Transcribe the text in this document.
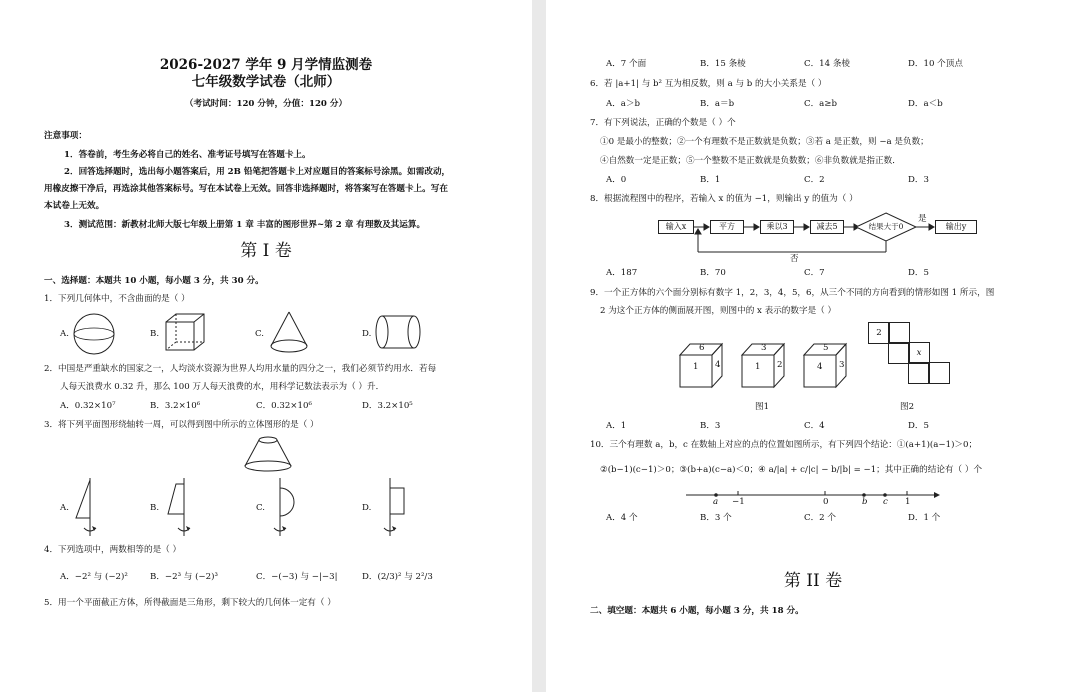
2026-2027 学年 9 月学情监测卷
七年级数学试卷（北师）
（考试时间：120 分钟，分值：120 分）
注意事项：
1．答卷前，考生务必将自己的姓名、准考证号填写在答题卡上。
2．回答选择题时，选出每小题答案后，用 2B 铅笔把答题卡上对应题目的答案标号涂黑。如需改动，
用橡皮擦干净后，再选涂其他答案标号。写在本试卷上无效。回答非选择题时，将答案写在答题卡上。写在
本试卷上无效。
3．测试范围：新教材北师大版七年级上册第 1 章 丰富的图形世界~第 2 章 有理数及其运算。
第 I 卷
一、选择题：本题共 10 小题，每小题 3 分，共 30 分。
1．下列几何体中，不含曲面的是（ ）
A.	B.	C.	D.
2．中国是严重缺水的国家之一，人均淡水资源为世界人均用水量的四分之一，我们必须节约用水．若每
人每天浪费水 0.32 升，那么 100 万人每天浪费的水，用科学记数法表示为（ ）升．
A．0.32×10⁷	B．3.2×10⁶	C．0.32×10⁶	D．3.2×10⁵
3．将下列平面图形绕轴转一周，可以得到图中所示的立体图形的是（ ）
A.	B.	C.	D.
4．下列选项中，两数相等的是（ ）
A．−2² 与 (−2)²	B．−2³ 与 (−2)³	C．−(−3) 与 −|−3|	D．(2/3)² 与 2²/3
5．用一个平面截正方体，所得截面是三角形，剩下较大的几何体一定有（ ）
A．7 个面	B．15 条棱	C．14 条棱	D．10 个顶点
6．若 |a+1| 与 b² 互为相反数，则 a 与 b 的大小关系是（ ）
A．a＞b	B．a＝b	C．a≥b	D．a＜b
7．有下列说法，正确的个数是（ ）个
①0 是最小的整数；②一个有理数不是正数就是负数；③若 a 是正数，则 −a 是负数；
④自然数一定是正数；⑤一个整数不是正数就是负数数；⑥非负数就是指正数．
A．0	B．1	C．2	D．3
8．根据流程图中的程序，若输入 x 的值为 −1，则输出 y 的值为（ ）
输入x	平方	乘以3	减去5	结果大于0	输出y
是
否
A．187	B．70	C．7	D．5
9．一个正方体的六个面分别标有数字 1，2，3，4，5，6，从三个不同的方向看到的情形如图 1 所示，图
2 为这个正方体的侧面展开图，则图中的 x 表示的数字是（ ）
6
1 4
3
1 2
5
4 3
2
x
图1	图2
A．1	B．3	C．4	D．5
10．三个有理数 a，b，c 在数轴上对应的点的位置如图所示，有下列四个结论：①(a+1)(a−1)＞0；
②(b−1)(c−1)＞0；③(b+a)(c−a)＜0；④ a/|a| + c/|c| − b/|b| = −1；其中正确的结论有（ ）个
a −1	0	b c 1
A．4 个	B．3 个	C．2 个	D．1 个
第 II 卷
二、填空题：本题共 6 小题，每小题 3 分，共 18 分。
